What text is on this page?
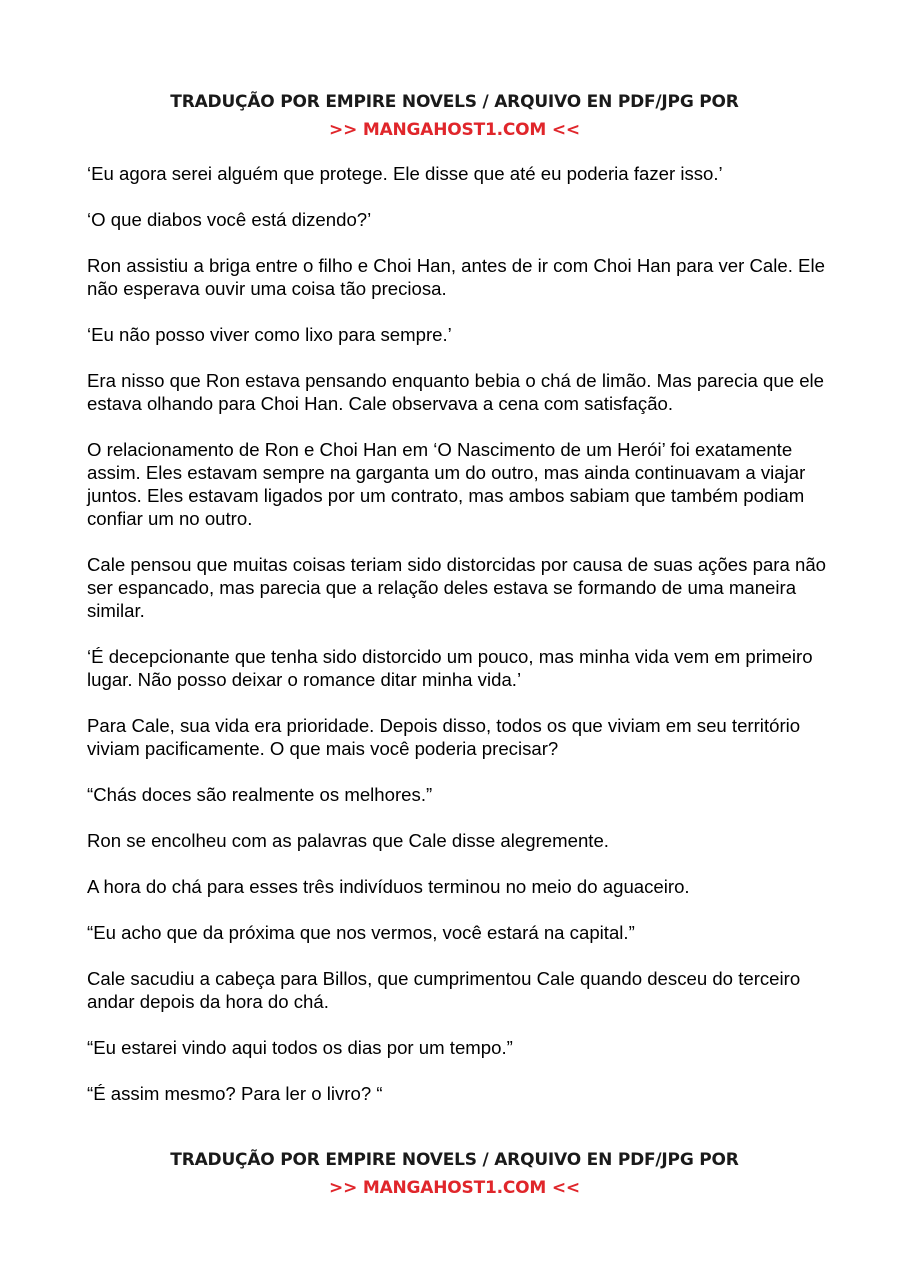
TRADUÇÃO POR EMPIRE NOVELS / ARQUIVO EN PDF/JPG POR
>> MANGAHOST1.COM <<

‘Eu agora serei alguém que protege. Ele disse que até eu poderia fazer isso.’

‘O que diabos você está dizendo?’

Ron assistiu a briga entre o filho e Choi Han, antes de ir com Choi Han para ver Cale. Ele não esperava ouvir uma coisa tão preciosa.

‘Eu não posso viver como lixo para sempre.’

Era nisso que Ron estava pensando enquanto bebia o chá de limão. Mas parecia que ele estava olhando para Choi Han. Cale observava a cena com satisfação.

O relacionamento de Ron e Choi Han em ‘O Nascimento de um Herói’ foi exatamente assim. Eles estavam sempre na garganta um do outro, mas ainda continuavam a viajar juntos. Eles estavam ligados por um contrato, mas ambos sabiam que também podiam confiar um no outro.

Cale pensou que muitas coisas teriam sido distorcidas por causa de suas ações para não ser espancado, mas parecia que a relação deles estava se formando de uma maneira similar.

‘É decepcionante que tenha sido distorcido um pouco, mas minha vida vem em primeiro lugar. Não posso deixar o romance ditar minha vida.’

Para Cale, sua vida era prioridade. Depois disso, todos os que viviam em seu território viviam pacificamente. O que mais você poderia precisar?

“Chás doces são realmente os melhores.”

Ron se encolheu com as palavras que Cale disse alegremente.

A hora do chá para esses três indivíduos terminou no meio do aguaceiro.

“Eu acho que da próxima que nos vermos, você estará na capital.”

Cale sacudiu a cabeça para Billos, que cumprimentou Cale quando desceu do terceiro andar depois da hora do chá.

“Eu estarei vindo aqui todos os dias por um tempo.”

“É assim mesmo? Para ler o livro? “

TRADUÇÃO POR EMPIRE NOVELS / ARQUIVO EN PDF/JPG POR
>> MANGAHOST1.COM <<
